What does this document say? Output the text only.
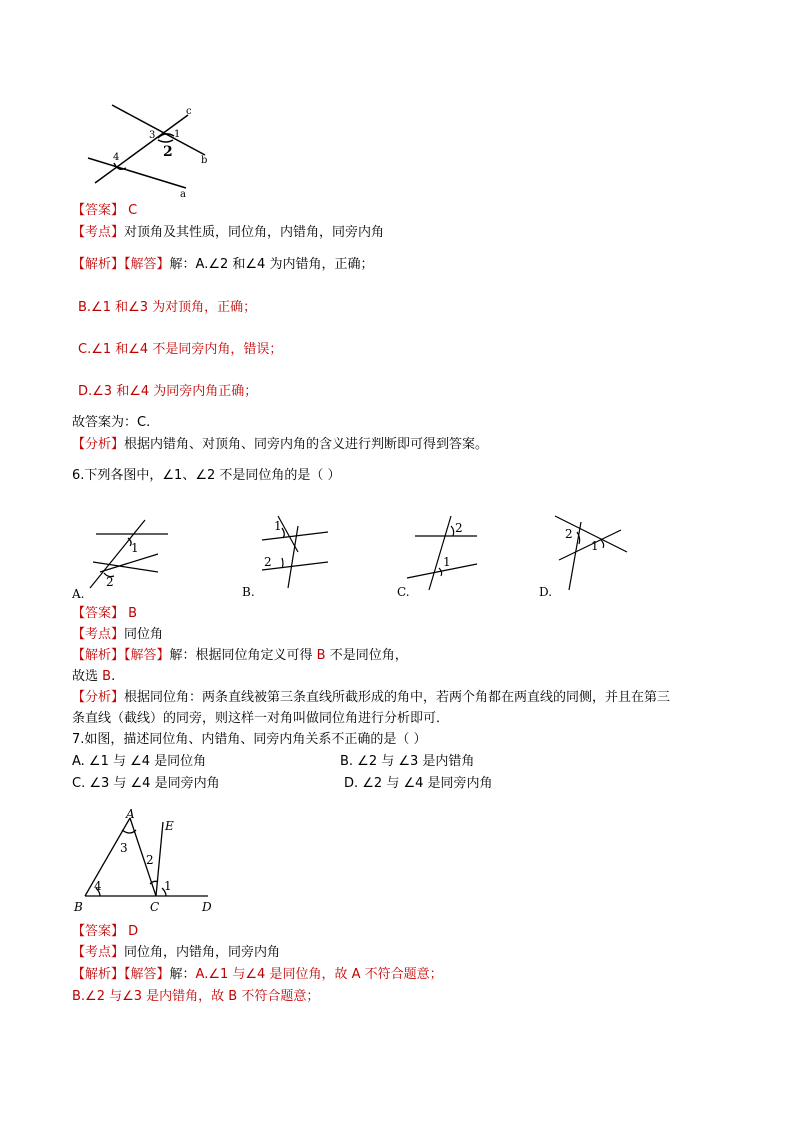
c
1
3
2
b
4
a
【答案】 C
【考点】对顶角及其性质，同位角，内错角，同旁内角
【解析】【解答】解：A.∠2 和∠4 为内错角，正确；
B.∠1 和∠3 为对顶角，正确；
C.∠1 和∠4 不是同旁内角，错误；
D.∠3 和∠4 为同旁内角正确；
故答案为：C.
【分析】根据内错角、对顶角、同旁内角的含义进行判断即可得到答案。
6.下列各图中，∠1、∠2 不是同位角的是（ ）
1
2
A.
1
2
B.
2
1
C.
2
1
D.
【答案】 B
【考点】同位角
【解析】【解答】解：根据同位角定义可得 B 不是同位角，
故选 B.
【分析】根据同位角：两条直线被第三条直线所截形成的角中，若两个角都在两直线的同侧，并且在第三
条直线（截线）的同旁，则这样一对角叫做同位角进行分析即可．
7.如图，描述同位角、内错角、同旁内角关系不正确的是（ ）
A. ∠1 与 ∠4 是同位角	B. ∠2 与 ∠3 是内错角
C. ∠3 与 ∠4 是同旁内角	D. ∠2 与 ∠4 是同旁内角
A
E
3
2
4	1
B	C	D
【答案】 D
【考点】同位角，内错角，同旁内角
【解析】【解答】解：A.∠1 与∠4 是同位角，故 A 不符合题意；
B.∠2 与∠3 是内错角，故 B 不符合题意；
